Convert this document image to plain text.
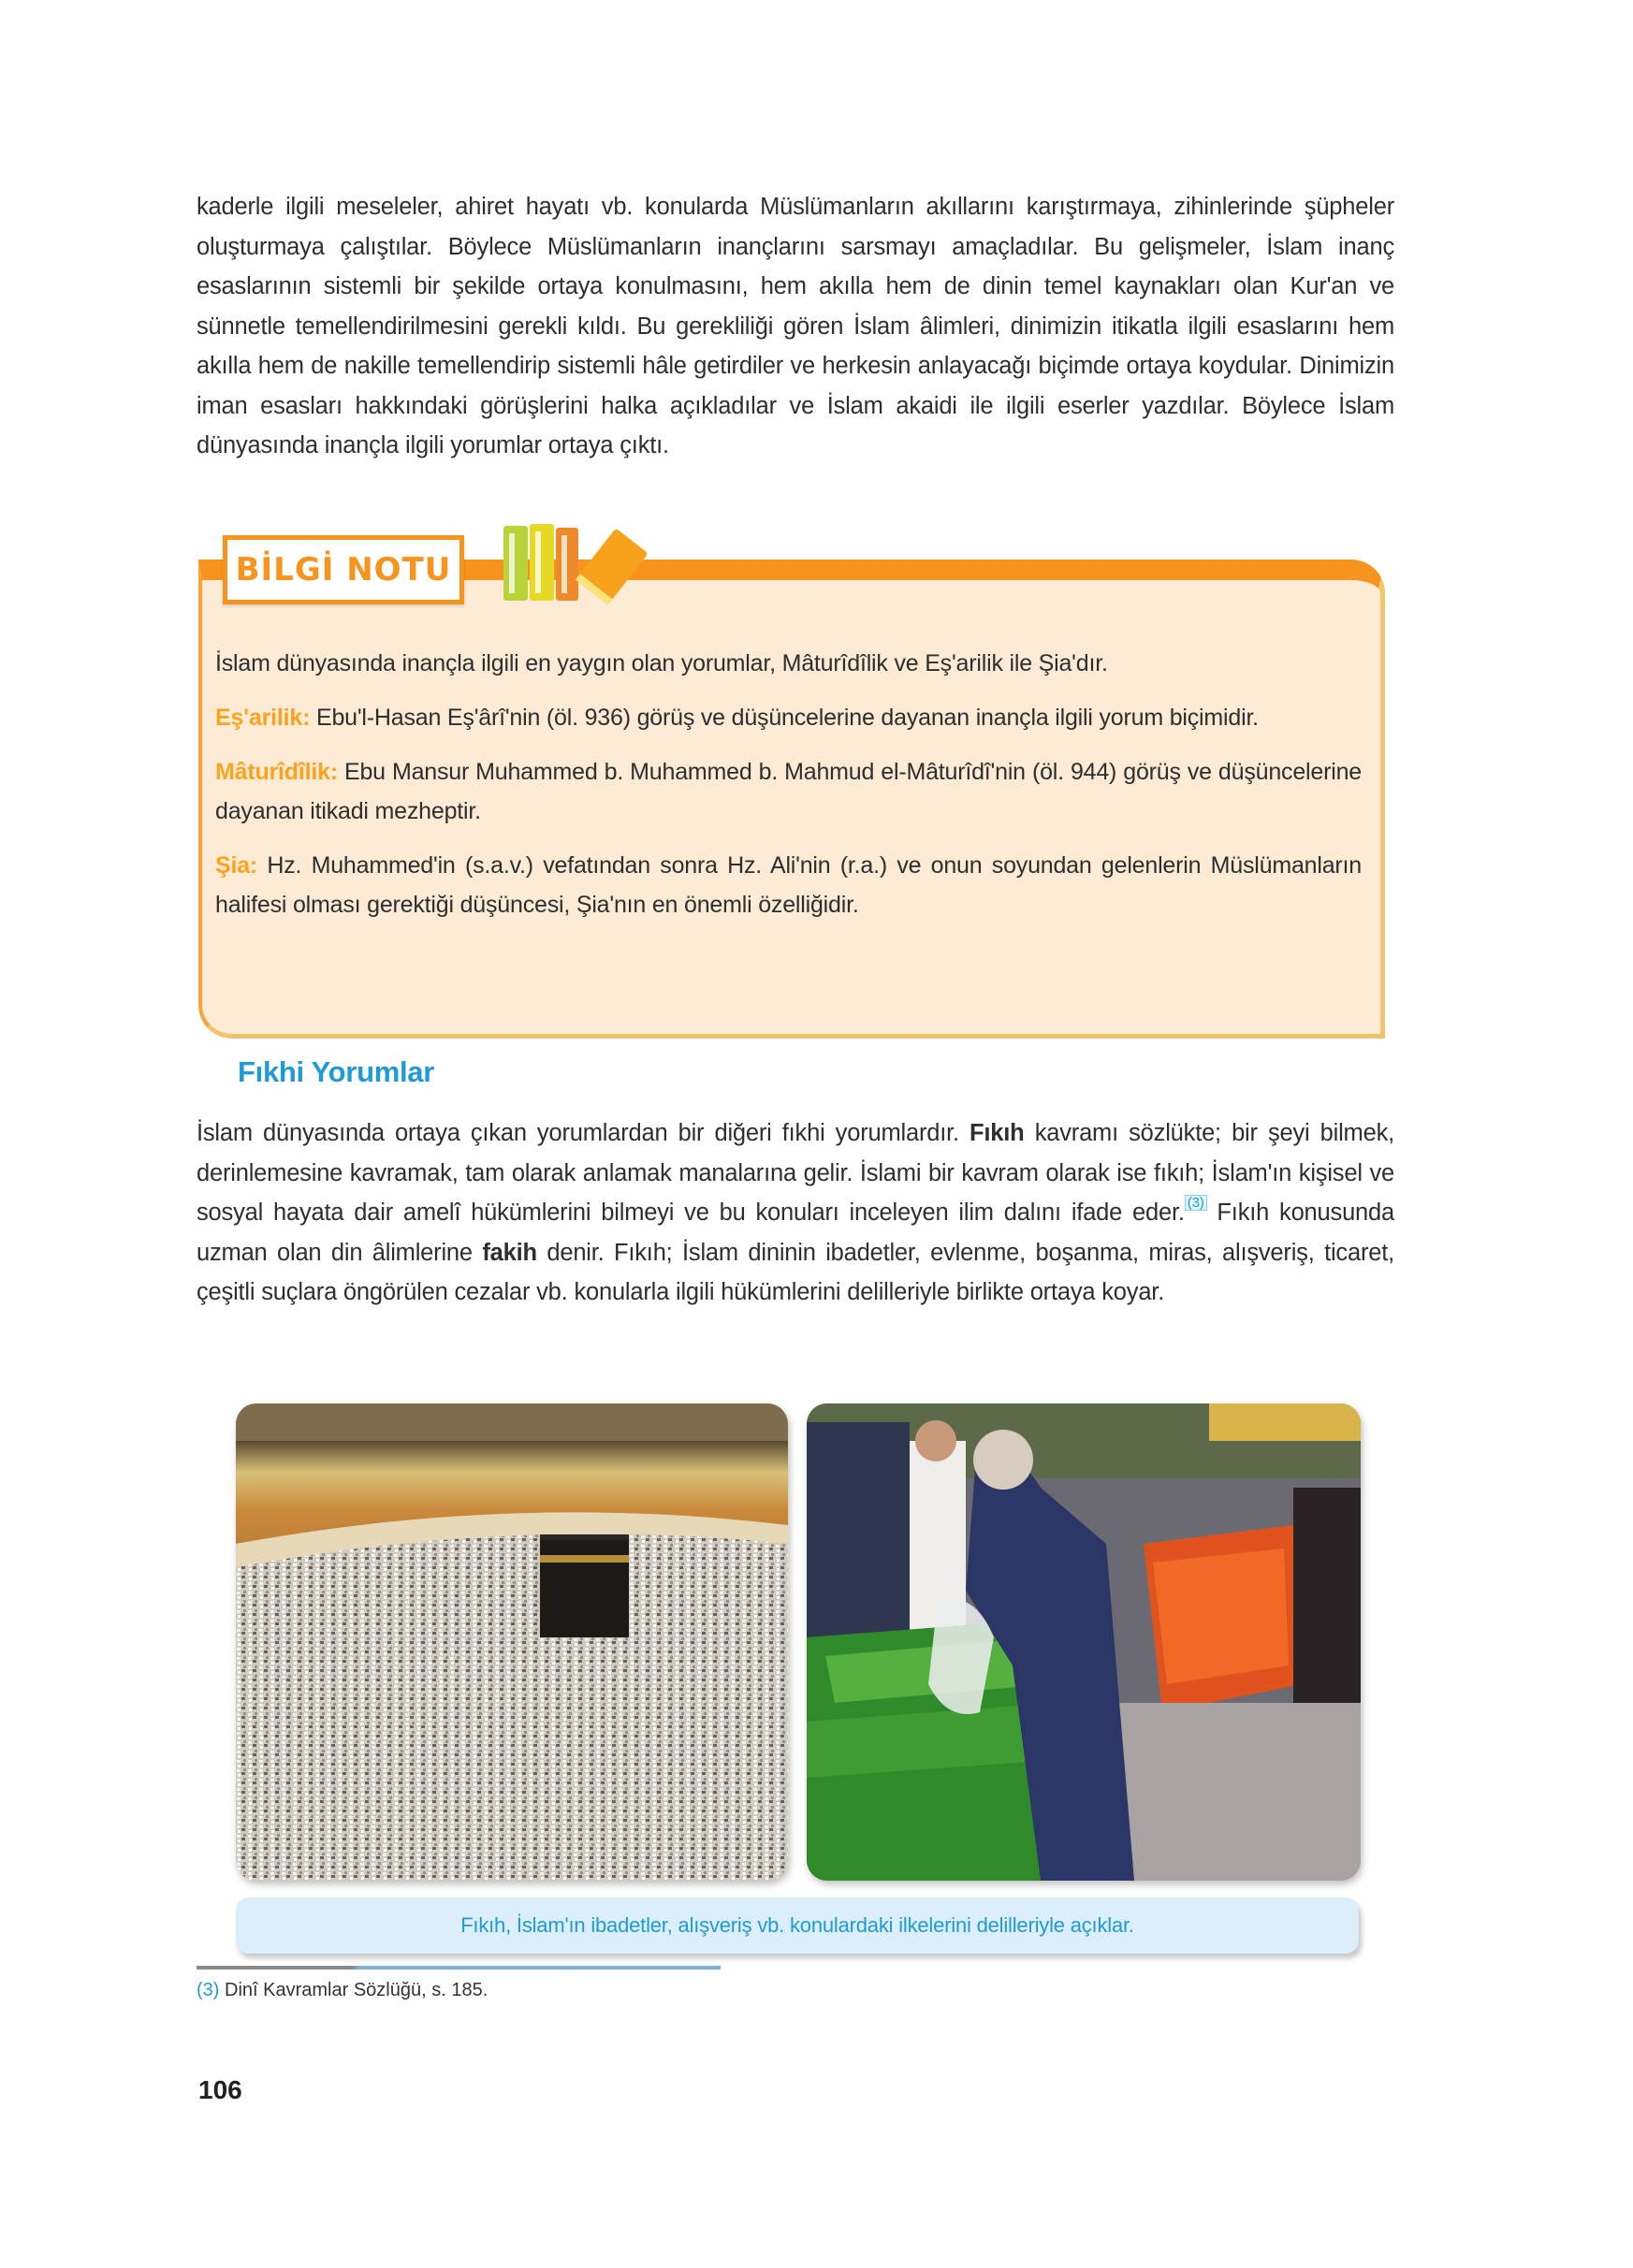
kaderle ilgili meseleler, ahiret hayatı vb. konularda Müslümanların akıllarını karıştırmaya, zihinlerinde şüpheler oluşturmaya çalıştılar. Böylece Müslümanların inançlarını sarsmayı amaçladılar. Bu gelişmeler, İslam inanç esaslarının sistemli bir şekilde ortaya konulmasını, hem akılla hem de dinin temel kaynakları olan Kur'an ve sünnetle temellendirilmesini gerekli kıldı. Bu gerekliliği gören İslam âlimleri, dinimizin itikatla ilgili esaslarını hem akılla hem de nakille temellendirip sistemli hâle getirdiler ve herkesin anlayacağı biçimde ortaya koydular. Dinimizin iman esasları hakkındaki görüşlerini halka açıkladılar ve İslam akaidi ile ilgili eserler yazdılar. Böylece İslam dünyasında inançla ilgili yorumlar ortaya çıktı.

BİLGİ NOTU

İslam dünyasında inançla ilgili en yaygın olan yorumlar, Mâturîdîlik ve Eş'arilik ile Şia'dır.

Eş'arilik: Ebu'l-Hasan Eş'ârî'nin (öl. 936) görüş ve düşüncelerine dayanan inançla ilgili yorum biçimidir.

Mâturîdîlik: Ebu Mansur Muhammed b. Muhammed b. Mahmud el-Mâturîdî'nin (öl. 944) görüş ve düşüncelerine dayanan itikadi mezheptir.

Şia: Hz. Muhammed'in (s.a.v.) vefatından sonra Hz. Ali'nin (r.a.) ve onun soyundan gelenlerin Müslümanların halifesi olması gerektiği düşüncesi, Şia'nın en önemli özelliğidir.

Fıkhi Yorumlar

İslam dünyasında ortaya çıkan yorumlardan bir diğeri fıkhi yorumlardır. Fıkıh kavramı sözlükte; bir şeyi bilmek, derinlemesine kavramak, tam olarak anlamak manalarına gelir. İslami bir kavram olarak ise fıkıh; İslam'ın kişisel ve sosyal hayata dair amelî hükümlerini bilmeyi ve bu konuları inceleyen ilim dalını ifade eder. (3) Fıkıh konusunda uzman olan din âlimlerine fakih denir. Fıkıh; İslam dininin ibadetler, evlenme, boşanma, miras, alışveriş, ticaret, çeşitli suçlara öngörülen cezalar vb. konularla ilgili hükümlerini delilleriyle birlikte ortaya koyar.

Fıkıh, İslam'ın ibadetler, alışveriş vb. konulardaki ilkelerini delilleriyle açıklar.
(3) Dinî Kavramlar Sözlüğü, s. 185.
106
